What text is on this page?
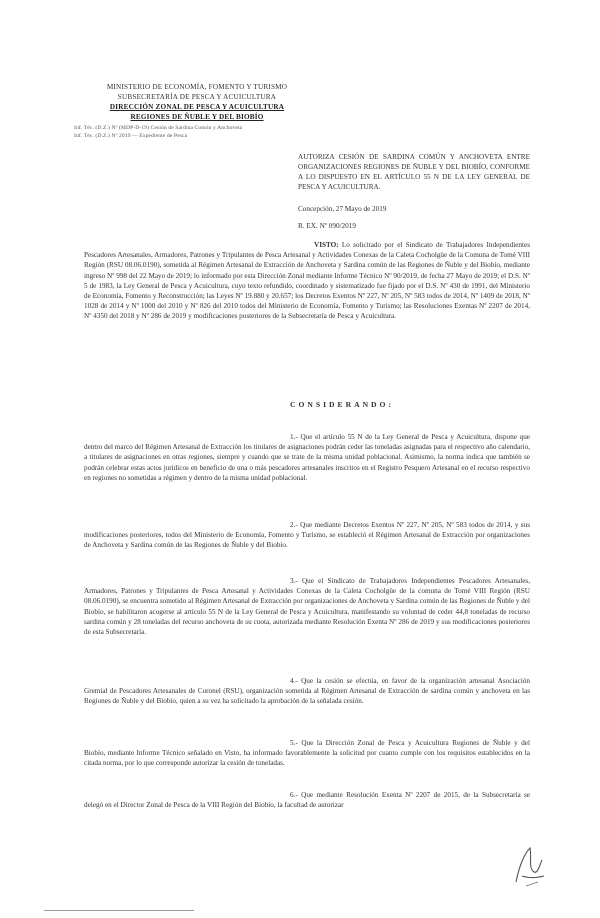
MINISTERIO DE ECONOMÍA, FOMENTO Y TURISMO
SUBSECRETARÍA DE PESCA Y ACUICULTURA
DIRECCIÓN ZONAL DE PESCA Y ACUICULTURA
REGIONES DE ÑUBLE Y DEL BIOBÍO
Inf. Téc. (D.Z.) Nº (MDP-D-19) Cesión de Sardina Común y Anchoveta
Inf. Téc. (D.Z.) Nº 2019 — Expediente de Pesca
AUTORIZA CESIÓN DE SARDINA COMÚN Y ANCHOVETA ENTRE ORGANIZACIONES REGIONES DE ÑUBLE Y DEL BIOBÍO, CONFORME A LO DISPUESTO EN EL ARTÍCULO 55 N DE LA LEY GENERAL DE PESCA Y ACUICULTURA.
Concepción, 27 Mayo de 2019
R. EX. Nº 090/2019

VISTO: Lo solicitado por el Sindicato de Trabajadores Independientes Pescadores Artesanales, Armadores, Patrones y Tripulantes de Pesca Artesanal y Actividades Conexas de la Caleta Cocholgüe de la Comuna de Tomé VIII Región (RSU 08.06.0190), sometida al Régimen Artesanal de Extracción de Anchoveta y Sardina común de las Regiones de Ñuble y del Biobío, mediante ingreso Nº 998 del 22 Mayo de 2019; lo informado por esta Dirección Zonal mediante Informe Técnico Nº 90/2019, de fecha 27 Mayo de 2019; el D.S. Nº 5 de 1983, la Ley General de Pesca y Acuicultura, cuyo texto refundido, coordinado y sistematizado fue fijado por el D.S. Nº 430 de 1991, del Ministerio de Economía, Fomento y Reconstrucción; las Leyes Nº 19.880 y 20.657; los Decretos Exentos Nº 227, Nº 205, Nº 583 todos de 2014, Nº 1409 de 2018, Nº 1028 de 2014 y Nº 1000 del 2010 y Nº 826 del 2010 todos del Ministerio de Economía, Fomento y Turismo; las Resoluciones Exentas Nº 2207 de 2014, Nº 4350 del 2018 y Nº 286 de 2019 y modificaciones posteriores de la Subsecretaría de Pesca y Acuicultura.

CONSIDERANDO:

1.- Que el artículo 55 N de la Ley General de Pesca y Acuicultura, dispone que dentro del marco del Régimen Artesanal de Extracción los titulares de asignaciones podrán ceder las toneladas asignadas para el respectivo año calendario, a titulares de asignaciones en otras regiones, siempre y cuando que se trate de la misma unidad poblacional. Asimismo, la norma indica que también se podrán celebrar estas actos jurídicos en beneficio de una o más pescadores artesanales inscritos en el Registro Pesquero Artesanal en el recurso respectivo en regiones no sometidas a régimen y dentro de la misma unidad poblacional.

2.- Que mediante Decretos Exentos Nº 227, Nº 205, Nº 583 todos de 2014, y sus modificaciones posteriores, todos del Ministerio de Economía, Fomento y Turismo, se estableció el Régimen Artesanal de Extracción por organizaciones de Anchoveta y Sardina común de las Regiones de Ñuble y del Biobío.

3.- Que el Sindicato de Trabajadores Independientes Pescadores Artesanales, Armadores, Patrones y Tripulantes de Pesca Artesanal y Actividades Conexas de la Caleta Cocholgüe de la comuna de Tomé VIII Región (RSU 08.06.0190), se encuentra sometido al Régimen Artesanal de Extracción por organizaciones de Anchoveta y Sardina común de las Regiones de Ñuble y del Biobío, se habilitaron acogerse al artículo 55 N de la Ley General de Pesca y Acuicultura, manifestando su voluntad de ceder 44,8 toneladas de recurso sardina común y 28 toneladas del recurso anchoveta de su cuota, autorizada mediante Resolución Exenta Nº 286 de 2019 y sus modificaciones posteriores de esta Subsecretaría.

4.- Que la cesión se efectúa, en favor de la organización artesanal Asociación Gremial de Pescadores Artesanales de Coronel (RSU), organización sometida al Régimen Artesanal de Extracción de sardina común y anchoveta en las Regiones de Ñuble y del Biobío, quien a su vez ha solicitado la aprobación de la señalada cesión.

5.- Que la Dirección Zonal de Pesca y Acuicultura Regiones de Ñuble y del Biobío, mediante Informe Técnico señalado en Visto, ha informado favorablemente la solicitud por cuanto cumple con los requisitos establecidos en la citada norma, por lo que corresponde autorizar la cesión de toneladas.

6.- Que mediante Resolución Exenta Nº 2207 de 2015, de la Subsecretaría se delegó en el Director Zonal de Pesca de la VIII Región del Biobío, la facultad de autorizar
